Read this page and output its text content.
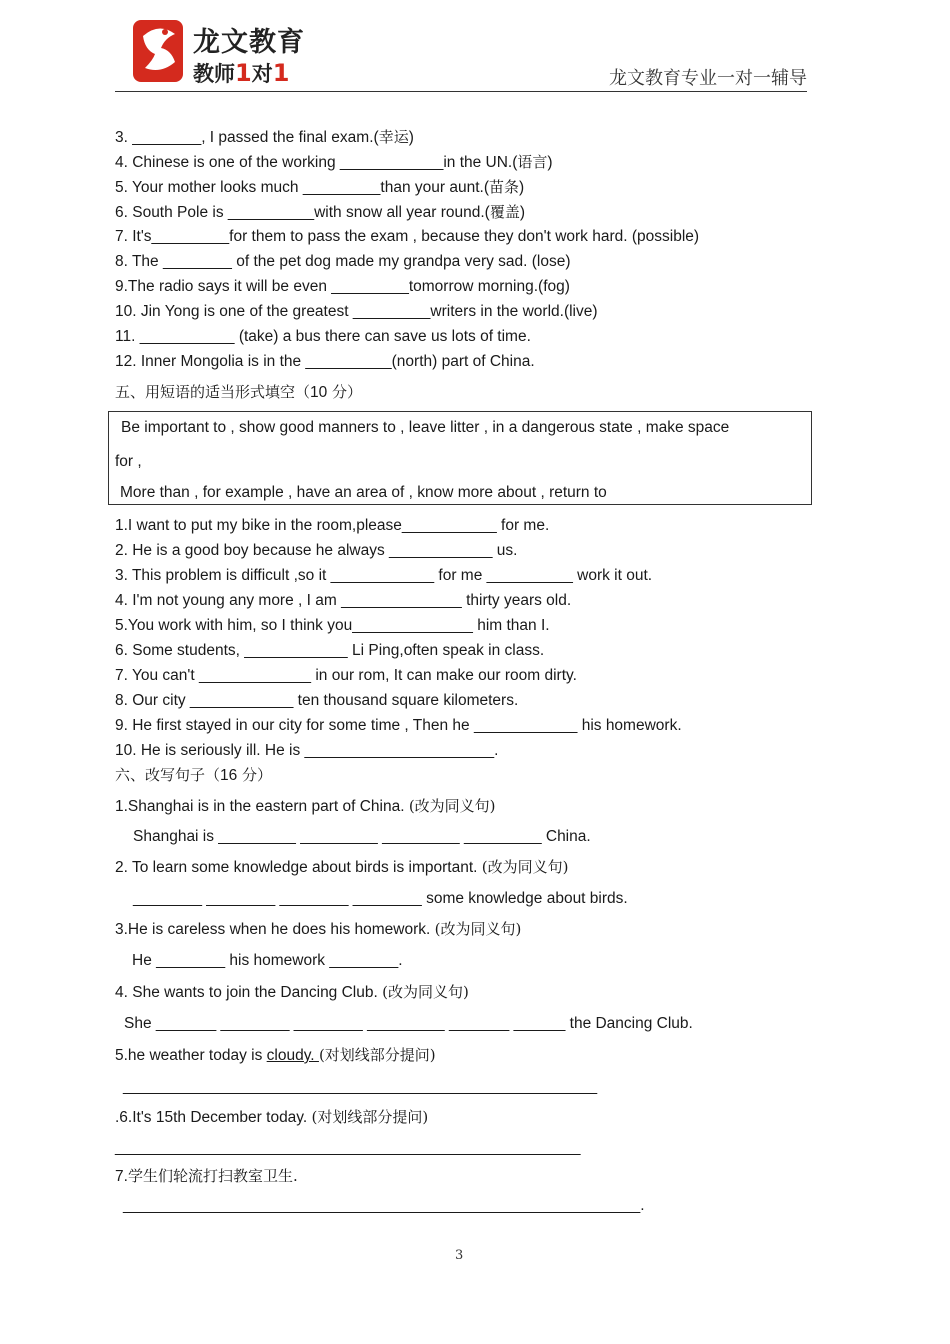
龙文教育
教师1对1	龙文教育专业一对一辅导
3. ________, I passed the final exam.(幸运)
4. Chinese is one of the working ____________in the UN.(语言)
5. Your mother looks much _________than your aunt.(苗条)
6. South Pole is __________with snow all year round.(覆盖)
7. It's_________for them to pass the exam , because they don't work hard. (possible)
8. The ________ of the pet dog made my grandpa very sad. (lose)
9.The radio says it will be even _________tomorrow morning.(fog)
10. Jin Yong is one of the greatest _________writers in the world.(live)
11. ___________ (take) a bus there can save us lots of time.
12. Inner Mongolia is in the __________(north) part of China.
五、用短语的适当形式填空（10 分）
Be important to , show good manners to , leave litter , in a dangerous state , make space
for ,
More than , for example , have an area of , know more about , return to
1.I want to put my bike in the room,please___________ for me.
2. He is a good boy because he always ____________ us.
3. This problem is difficult ,so it ____________ for me __________ work it out.
4. I'm not young any more , I am ______________ thirty years old.
5.You work with him, so I think you______________ him than I.
6. Some students, ____________ Li Ping,often speak in class.
7. You can't _____________ in our rom, It can make our room dirty.
8. Our city ____________ ten thousand square kilometers.
9. He first stayed in our city for some time , Then he ____________ his homework.
10. He is seriously ill. He is ______________________.
六、改写句子（16 分）
1.Shanghai is in the eastern part of China. (改为同义句)
Shanghai is _________ _________ _________ _________ China.
2. To learn some knowledge about birds is important. (改为同义句)
________ ________ ________ ________ some knowledge about birds.
3.He is careless when he does his homework. (改为同义句)
He ________ his homework ________.
4. She wants to join the Dancing Club. (改为同义句)
She _______ ________ ________ _________ _______ ______ the Dancing Club.
5.he weather today is cloudy. (对划线部分提问)
_______________________________________________________
.6.It's 15th December today. (对划线部分提问)
______________________________________________________
7.学生们轮流打扫教室卫生.
____________________________________________________________.
3
